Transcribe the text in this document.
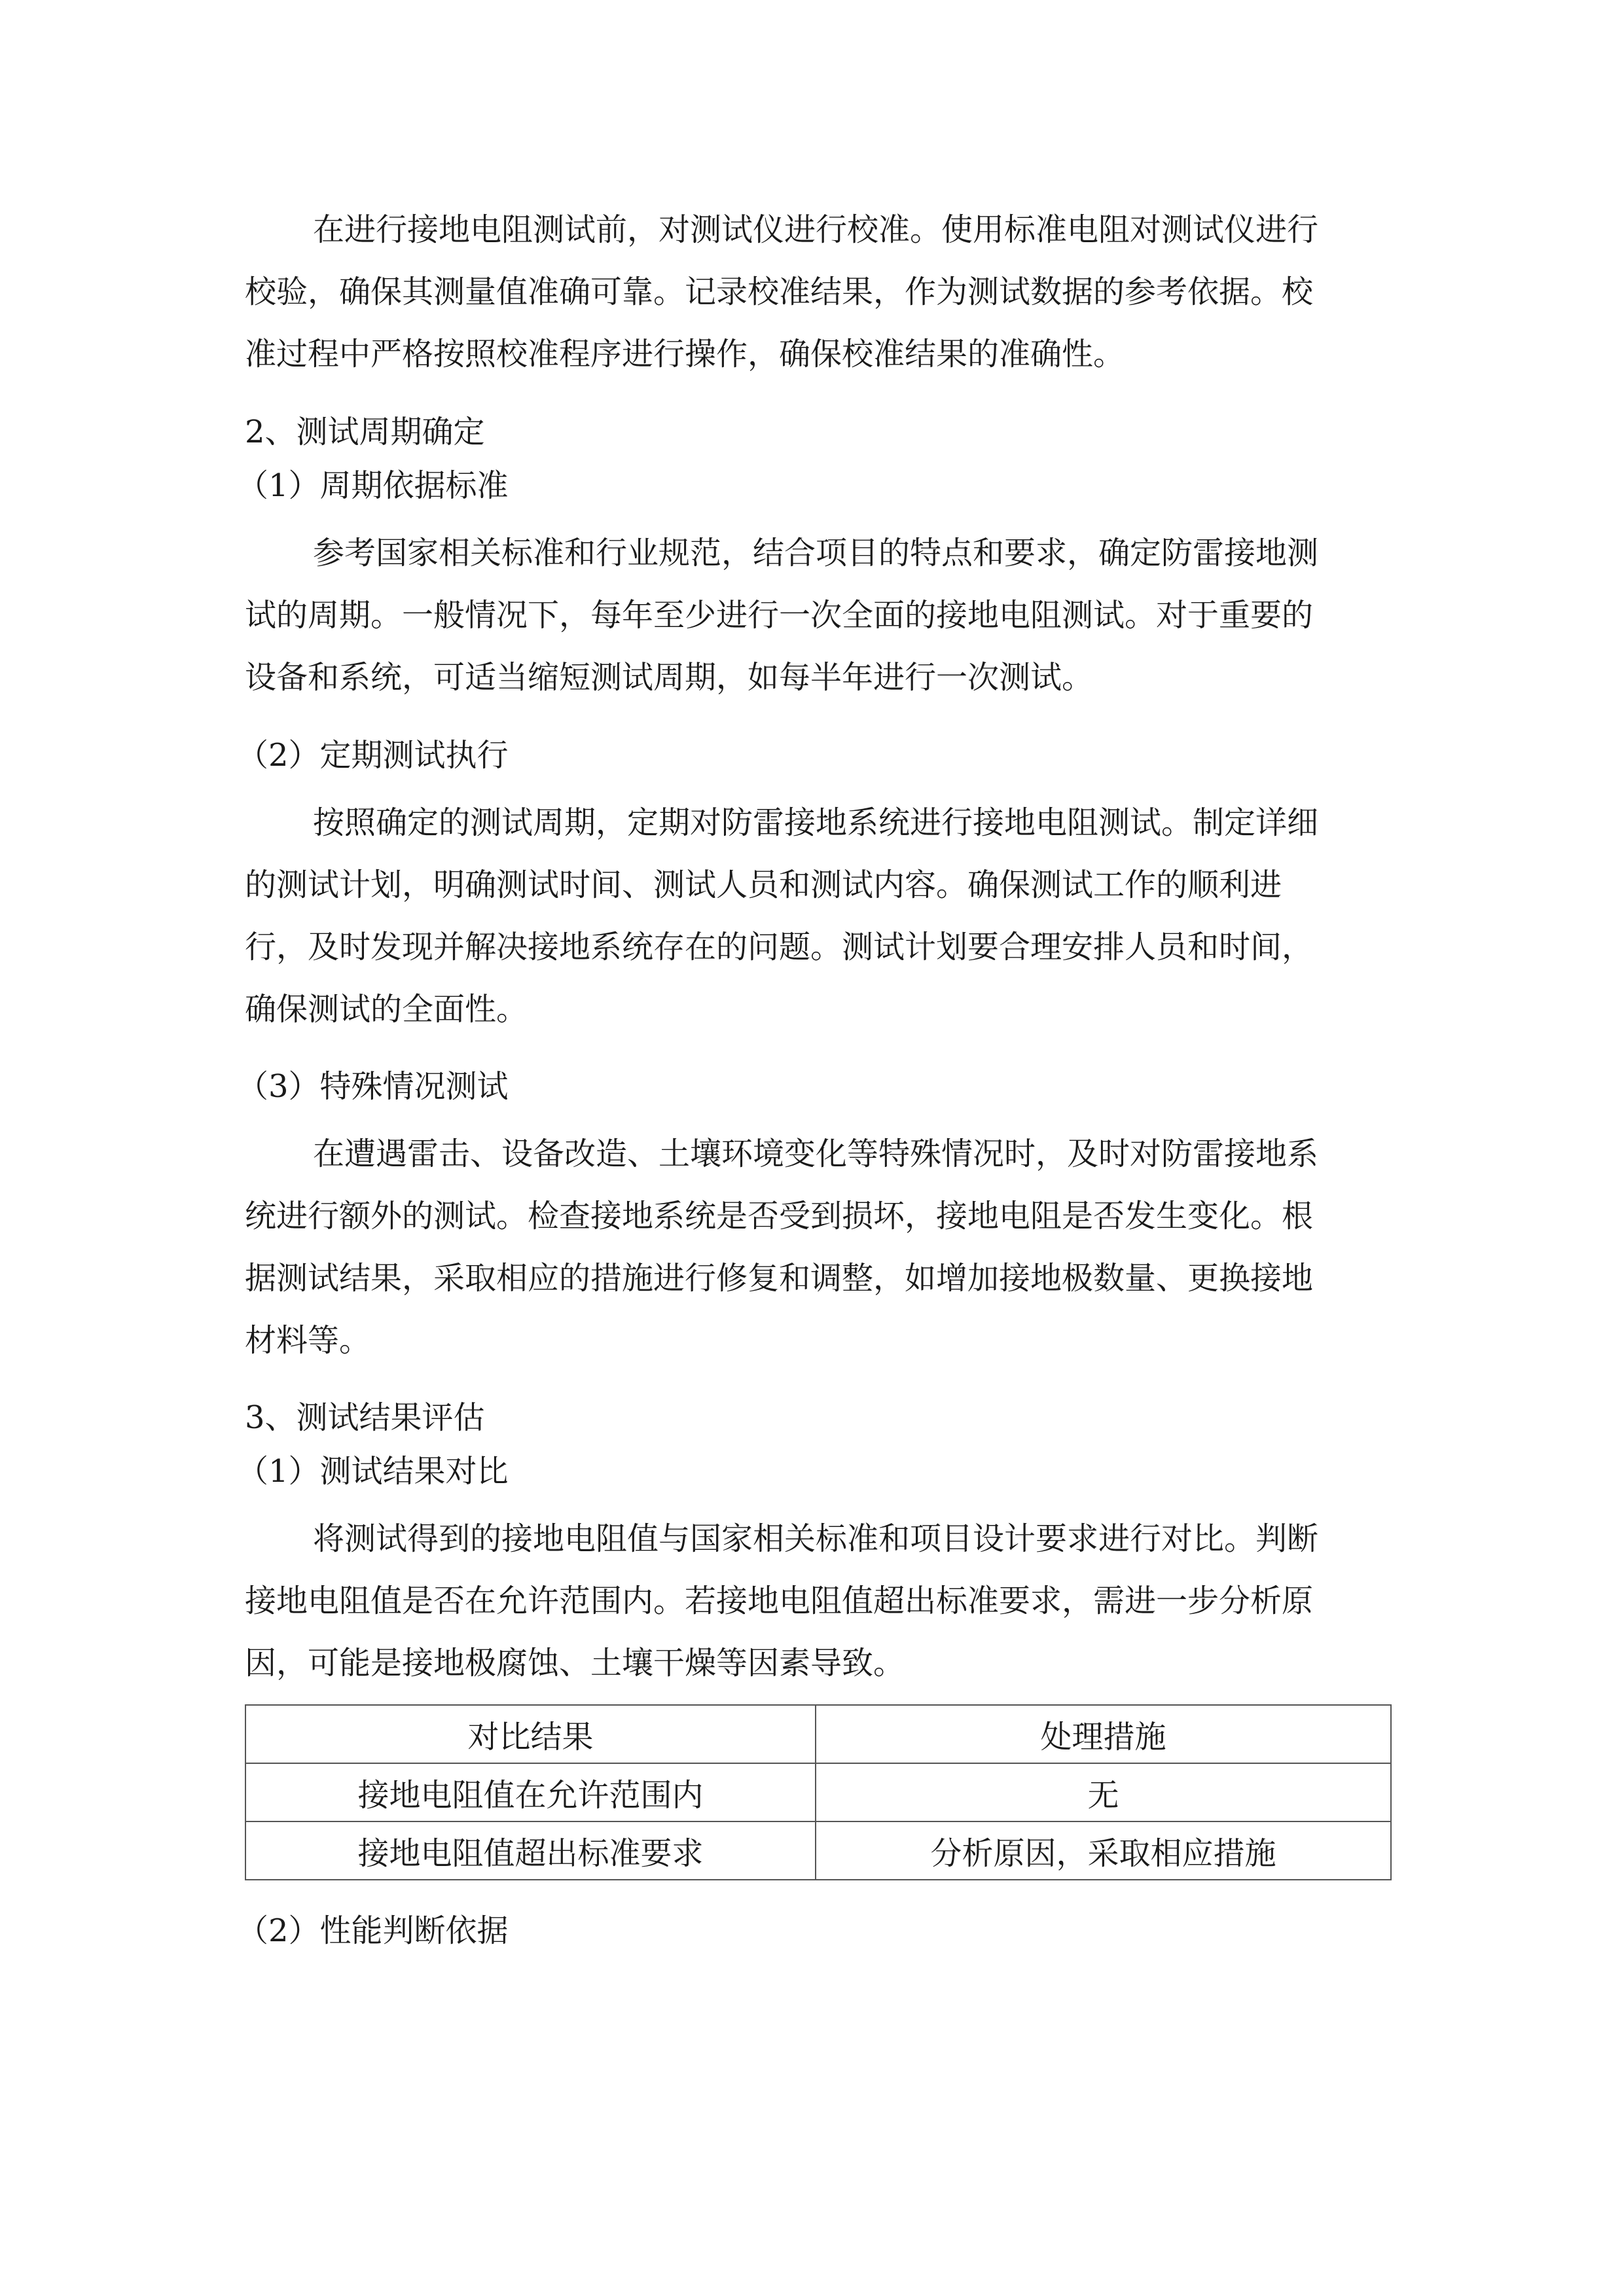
在进行接地电阻测试前，对测试仪进行校准。使用标准电阻对测试仪进行
校验，确保其测量值准确可靠。记录校准结果，作为测试数据的参考依据。校
准过程中严格按照校准程序进行操作，确保校准结果的准确性。
2、测试周期确定
（1）周期依据标准
参考国家相关标准和行业规范，结合项目的特点和要求，确定防雷接地测
试的周期。一般情况下，每年至少进行一次全面的接地电阻测试。对于重要的
设备和系统，可适当缩短测试周期，如每半年进行一次测试。
（2）定期测试执行
按照确定的测试周期，定期对防雷接地系统进行接地电阻测试。制定详细
的测试计划，明确测试时间、测试人员和测试内容。确保测试工作的顺利进
行，及时发现并解决接地系统存在的问题。测试计划要合理安排人员和时间，
确保测试的全面性。
（3）特殊情况测试
在遭遇雷击、设备改造、土壤环境变化等特殊情况时，及时对防雷接地系
统进行额外的测试。检查接地系统是否受到损坏，接地电阻是否发生变化。根
据测试结果，采取相应的措施进行修复和调整，如增加接地极数量、更换接地
材料等。
3、测试结果评估
（1）测试结果对比
将测试得到的接地电阻值与国家相关标准和项目设计要求进行对比。判断
接地电阻值是否在允许范围内。若接地电阻值超出标准要求，需进一步分析原
因，可能是接地极腐蚀、土壤干燥等因素导致。
对比结果	处理措施
接地电阻值在允许范围内	无
接地电阻值超出标准要求	分析原因，采取相应措施
（2）性能判断依据
